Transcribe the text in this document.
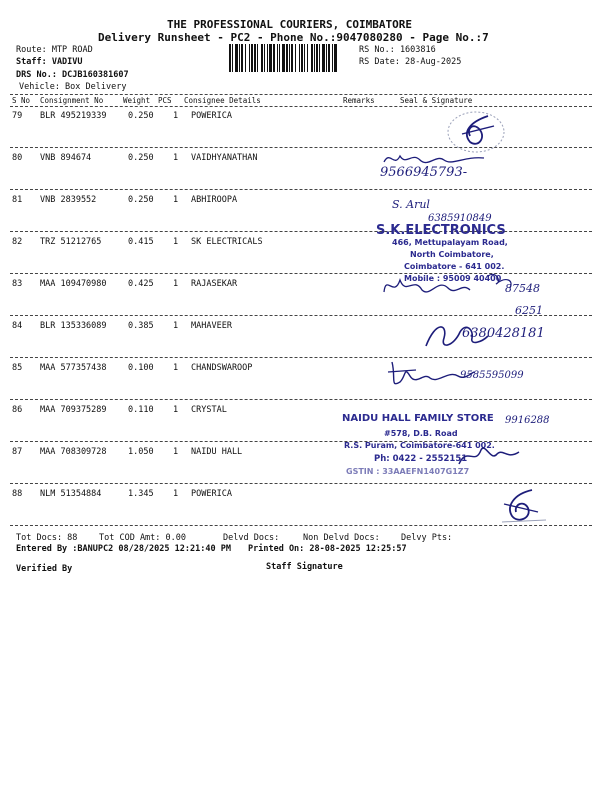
THE PROFESSIONAL COURIERS, COIMBATORE
Delivery Runsheet - PC2 - Phone No.:9047080280 - Page No.:7
Route: MTP ROAD
Staff: VADIVU
DRS No.: DCJB160381607
Vehicle: Box Delivery
RS No.: 1603816
RS Date: 28-Aug-2025
S No Consignment No	Weight PCS Consignee Details	Remarks	Seal & Signature
79 BLR 495219339	0.250 1 POWERICA
80 VNB 894674	0.250 1 VAIDHYANATHAN
81 VNB 2839552	0.250 1 ABHIROOPA
82 TRZ 51212765	0.415 1 SK ELECTRICALS
83 MAA 109470980	0.425 1 RAJASEKAR
84 BLR 135336089	0.385 1 MAHAVEER
85 MAA 577357438	0.100 1 CHANDSWAROOP
86 MAA 709375289	0.110 1 CRYSTAL
87 MAA 708309728	1.050 1 NAIDU HALL
88 NLM 51354884	1.345 1 POWERICA
9566945793-
S. Arul
6385910849
S.K.ELECTRONICS
466, Mettupalayam Road,
North Coimbatore,
Coimbatore - 641 002.
Mobile : 95009 40400
87548
6251
6380428181
9585595099
NAIDU HALL FAMILY STORE 9916288
#578, D.B. Road
R.S. Puram, Coimbatore-641 002.
Ph: 0422 - 2552151
GSTIN : 33AAEFN1407G1Z7
Tot Docs: 88	Tot COD Amt: 0.00	Delvd Docs:	Non Delvd Docs: Delvy Pts:
Entered By :BANUPC2 08/28/2025 12:21:40 PM Printed On: 28-08-2025 12:25:57
Verified By	Staff Signature
